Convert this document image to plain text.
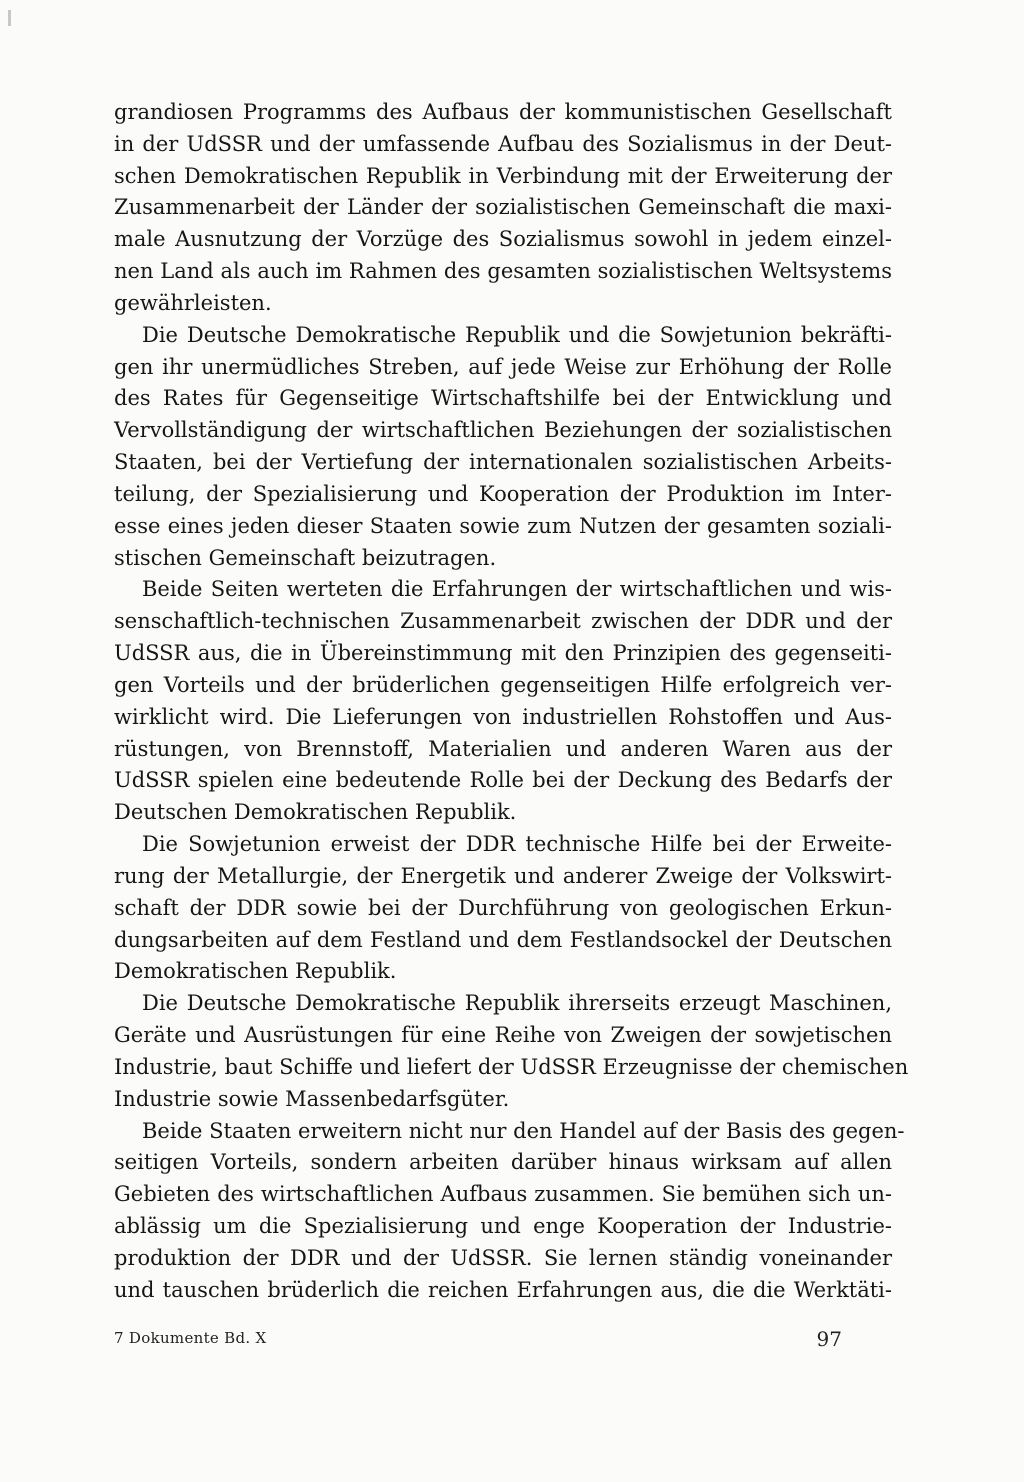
grandiosen Programms des Aufbaus der kommunistischen Gesellschaft
in der UdSSR und der umfassende Aufbau des Sozialismus in der Deut-
schen Demokratischen Republik in Verbindung mit der Erweiterung der
Zusammenarbeit der Länder der sozialistischen Gemeinschaft die maxi-
male Ausnutzung der Vorzüge des Sozialismus sowohl in jedem einzel-
nen Land als auch im Rahmen des gesamten sozialistischen Weltsystems
gewährleisten.
Die Deutsche Demokratische Republik und die Sowjetunion bekräfti-
gen ihr unermüdliches Streben, auf jede Weise zur Erhöhung der Rolle
des Rates für Gegenseitige Wirtschaftshilfe bei der Entwicklung und
Vervollständigung der wirtschaftlichen Beziehungen der sozialistischen
Staaten, bei der Vertiefung der internationalen sozialistischen Arbeits-
teilung, der Spezialisierung und Kooperation der Produktion im Inter-
esse eines jeden dieser Staaten sowie zum Nutzen der gesamten soziali-
stischen Gemeinschaft beizutragen.
Beide Seiten werteten die Erfahrungen der wirtschaftlichen und wis-
senschaftlich-technischen Zusammenarbeit zwischen der DDR und der
UdSSR aus, die in Übereinstimmung mit den Prinzipien des gegenseiti-
gen Vorteils und der brüderlichen gegenseitigen Hilfe erfolgreich ver-
wirklicht wird. Die Lieferungen von industriellen Rohstoffen und Aus-
rüstungen, von Brennstoff, Materialien und anderen Waren aus der
UdSSR spielen eine bedeutende Rolle bei der Deckung des Bedarfs der
Deutschen Demokratischen Republik.
Die Sowjetunion erweist der DDR technische Hilfe bei der Erweite-
rung der Metallurgie, der Energetik und anderer Zweige der Volkswirt-
schaft der DDR sowie bei der Durchführung von geologischen Erkun-
dungsarbeiten auf dem Festland und dem Festlandsockel der Deutschen
Demokratischen Republik.
Die Deutsche Demokratische Republik ihrerseits erzeugt Maschinen,
Geräte und Ausrüstungen für eine Reihe von Zweigen der sowjetischen
Industrie, baut Schiffe und liefert der UdSSR Erzeugnisse der chemischen
Industrie sowie Massenbedarfsgüter.
Beide Staaten erweitern nicht nur den Handel auf der Basis des gegen-
seitigen Vorteils, sondern arbeiten darüber hinaus wirksam auf allen
Gebieten des wirtschaftlichen Aufbaus zusammen. Sie bemühen sich un-
ablässig um die Spezialisierung und enge Kooperation der Industrie-
produktion der DDR und der UdSSR. Sie lernen ständig voneinander
und tauschen brüderlich die reichen Erfahrungen aus, die die Werktäti-
7 Dokumente Bd. X	97
